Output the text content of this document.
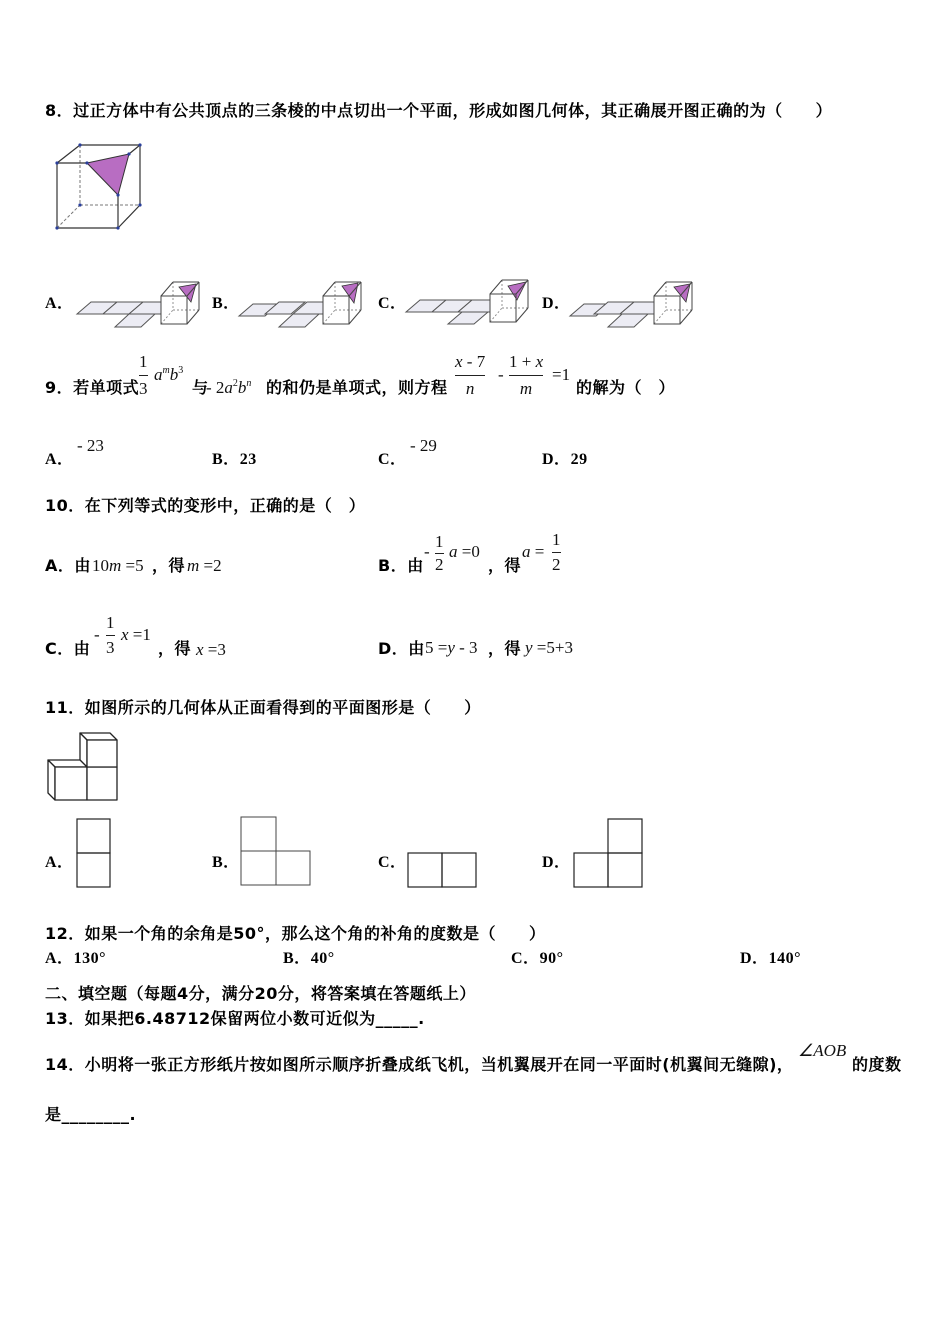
8．过正方体中有公共顶点的三条棱的中点切出一个平面，形成如图几何体，其正确展开图正确的为（　　）
A．	B．	C．	D．
9．若单项式
1
3
$a^mb^3$
与
- $2a^2b^n$ 的和仍是单项式，则方程
x - 7
n
-
1 + x
m
=1
的解为（　）
A．
- 23
B．23	C．
- 29
D．29
10．在下列等式的变形中，正确的是（　）
A．由 10m =5 ，得 m =2	B．由
-
1
2
a =0
，得
a =
1
2
C．由
-
1
3
x =1
，得 x =3	D．由 5 =y - 3 ，得 y =5+3
11．如图所示的几何体从正面看得到的平面图形是（　　）
A．	B．	C．	D．
12．如果一个角的余角是50°，那么这个角的补角的度数是（　　）
A．130°	B．40°	C．90°	D．140°
二、填空题（每题4分，满分20分，将答案填在答题纸上）
13．如果把6.48712保留两位小数可近似为_____.
14．小明将一张正方形纸片按如图所示顺序折叠成纸飞机，当机翼展开在同一平面时(机翼间无缝隙)，
∠AOB
的度数
是________.
